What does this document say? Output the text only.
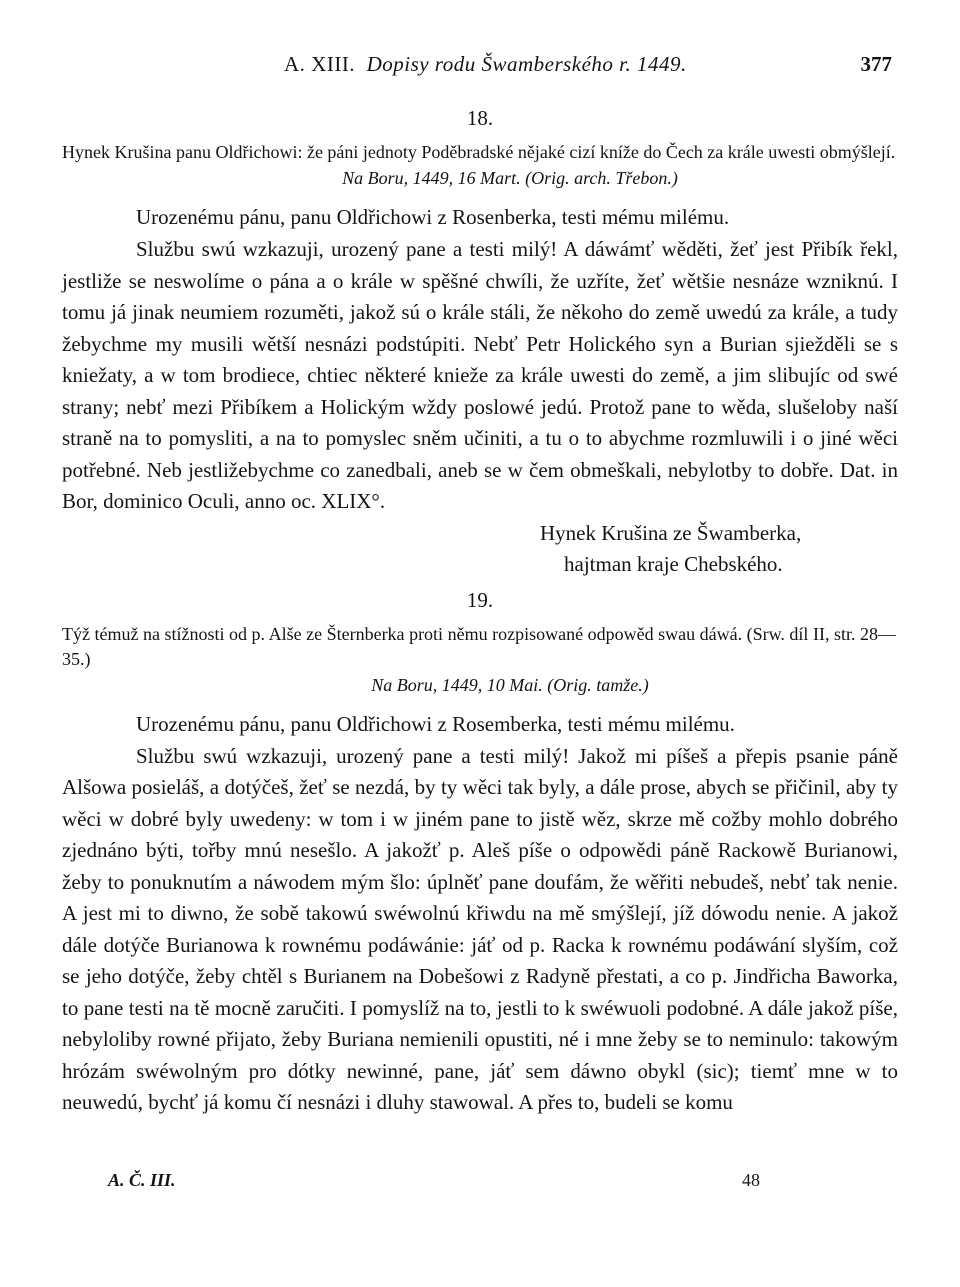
A. XIII. Dopisy rodu Šwamberského r. 1449.	377
18.
Hynek Krušina panu Oldřichowi: že páni jednoty Poděbradské nějaké cizí kníže do Čech za krále uwesti obmýšlejí.
Na Boru, 1449, 16 Mart. (Orig. arch. Třebon.)
Urozenému pánu, panu Oldřichowi z Rosenberka, testi mému milému.
Službu swú wzkazuji, urozený pane a testi milý! A dáwámť wěděti, žeť jest Přibík řekl, jestliže se neswolíme o pána a o krále w spěšné chwíli, že uzříte, žeť wětšie nesnáze wzniknú. I tomu já jinak neumiem rozuměti, jakož sú o krále stáli, že někoho do země uwedú za krále, a tudy žebychme my musili wětší nesnázi podstúpiti. Nebť Petr Holického syn a Burian sjiežděli se s kniežaty, a w tom brodiece, chtiec některé knieže za krále uwesti do země, a jim slibujíc od swé strany; nebť mezi Přibíkem a Holickým wždy poslowé jedú. Protož pane to wěda, slušeloby naší straně na to pomysliti, a na to pomyslec sněm učiniti, a tu o to abychme rozmluwili i o jiné wěci potřebné. Neb jestližebychme co zanedbali, aneb se w čem obmeškali, nebylotby to dobře. Dat. in Bor, dominico Oculi, anno oc. XLIX°.
Hynek Krušina ze Šwamberka,
hajtman kraje Chebského.
19.
Týž témuž na stížnosti od p. Alše ze Šternberka proti němu rozpisowané odpowěd swau dáwá. (Srw. díl II, str. 28—35.)
Na Boru, 1449, 10 Mai. (Orig. tamže.)
Urozenému pánu, panu Oldřichowi z Rosemberka, testi mému milému.
Službu swú wzkazuji, urozený pane a testi milý! Jakož mi píšeš a přepis psanie páně Alšowa posieláš, a dotýčeš, žeť se nezdá, by ty wěci tak byly, a dále prose, abych se přičinil, aby ty wěci w dobré byly uwedeny: w tom i w jiném pane to jistě wěz, skrze mě cožby mohlo dobrého zjednáno býti, tořby mnú nesešlo. A jakožť p. Aleš píše o odpowědi páně Rackowě Burianowi, žeby to ponuknutím a náwodem mým šlo: úplněť pane doufám, že wěřiti nebudeš, nebť tak nenie. A jest mi to diwno, že sobě takowú swéwolnú křiwdu na mě smýšlejí, jíž dówodu nenie. A jakož dále dotýče Burianowa k rownému podáwánie: jáť od p. Racka k rownému podáwání slyším, což se jeho dotýče, žeby chtěl s Burianem na Dobešowi z Radyně přestati, a co p. Jindřicha Baworka, to pane testi na tě mocně zaručiti. I pomyslíž na to, jestli to k swéwuoli podobné. A dále jakož píše, nebyloliby rowné přijato, žeby Buriana nemienili opustiti, né i mne žeby se to neminulo: takowým hrózám swéwolným pro dótky newinné, pane, jáť sem dáwno obykl (sic); tiemť mne w to neuwedú, bychť já komu čí nesnázi i dluhy stawowal. A přes to, budeli se komu
A. Č. III.	48
